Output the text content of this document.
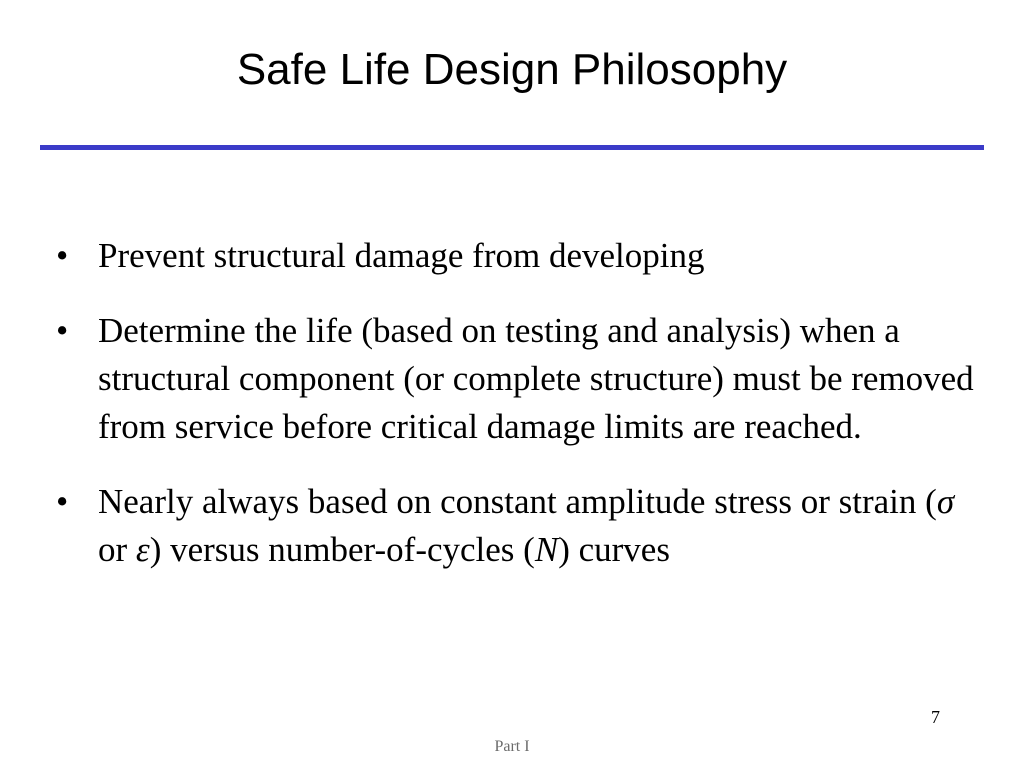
Safe Life Design Philosophy
• Prevent structural damage from developing
• Determine the life (based on testing and analysis) when a structural component (or complete structure) must be removed from service before critical damage limits are reached.
• Nearly always based on constant amplitude stress or strain (σ or ε) versus number-of-cycles (N) curves
7
Part I
